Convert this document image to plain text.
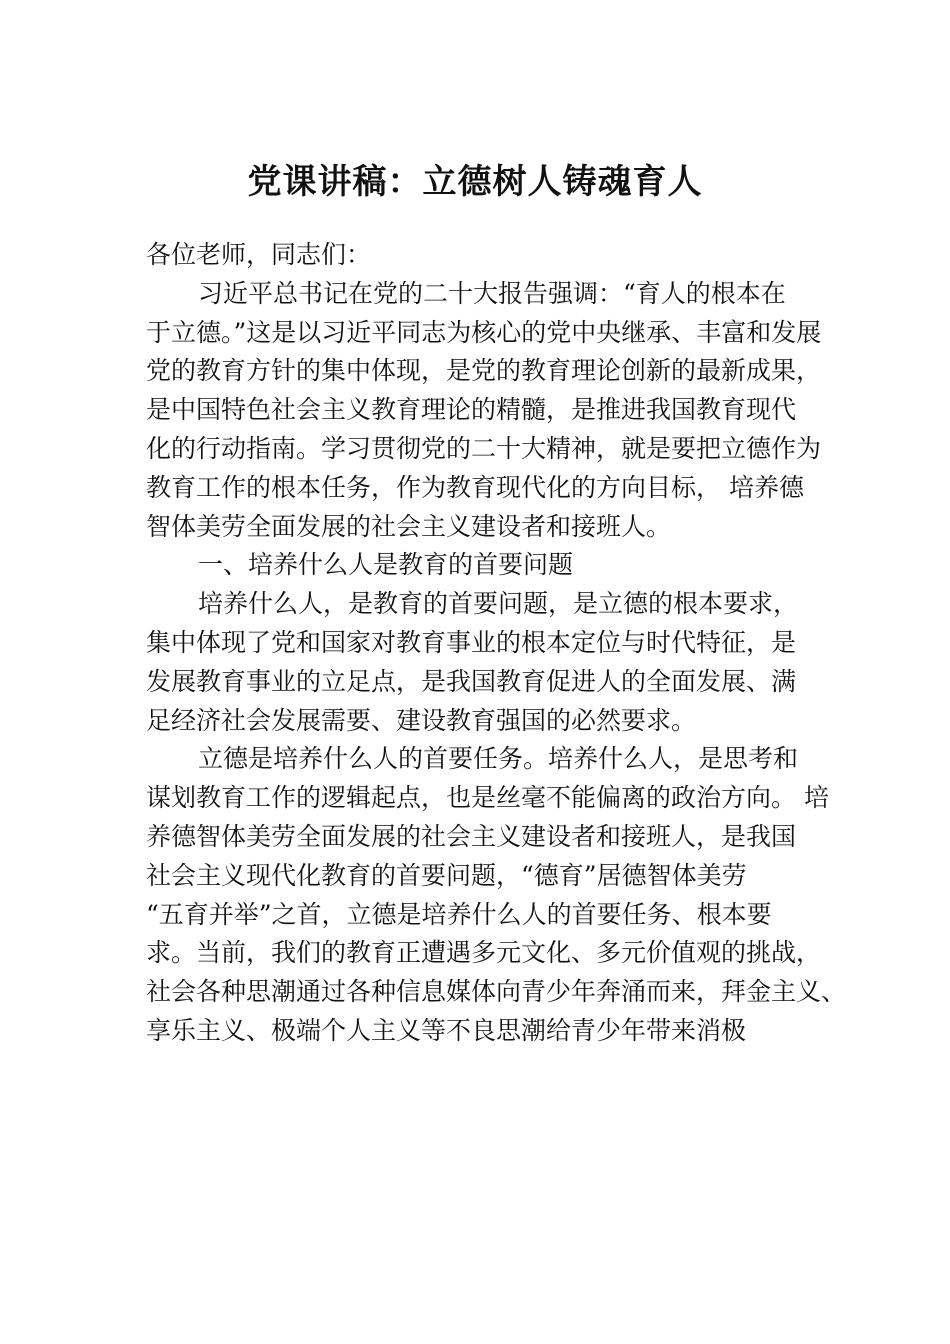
党课讲稿：立德树人铸魂育人

各位老师，同志们：

习近平总书记在党的二十大报告强调：“育人的根本在

于立德。”这是以习近平同志为核心的党中央继承、丰富和发展

党的教育方针的集中体现，是党的教育理论创新的最新成果，

是中国特色社会主义教育理论的精髓，是推进我国教育现代

化的行动指南。学习贯彻党的二十大精神，就是要把立德作为

教育工作的根本任务，作为教育现代化的方向目标， 培养德

智体美劳全面发展的社会主义建设者和接班人。

一、培养什么人是教育的首要问题

培养什么人，是教育的首要问题，是立德的根本要求，

集中体现了党和国家对教育事业的根本定位与时代特征，是

发展教育事业的立足点，是我国教育促进人的全面发展、满

足经济社会发展需要、建设教育强国的必然要求。

立德是培养什么人的首要任务。培养什么人，是思考和

谋划教育工作的逻辑起点，也是丝毫不能偏离的政治方向。 培

养德智体美劳全面发展的社会主义建设者和接班人，是我国

社会主义现代化教育的首要问题，“德育”居德智体美劳

“五育并举”之首，立德是培养什么人的首要任务、根本要

求。当前，我们的教育正遭遇多元文化、多元价值观的挑战，

社会各种思潮通过各种信息媒体向青少年奔涌而来，拜金主义、

享乐主义、极端个人主义等不良思潮给青少年带来消极
